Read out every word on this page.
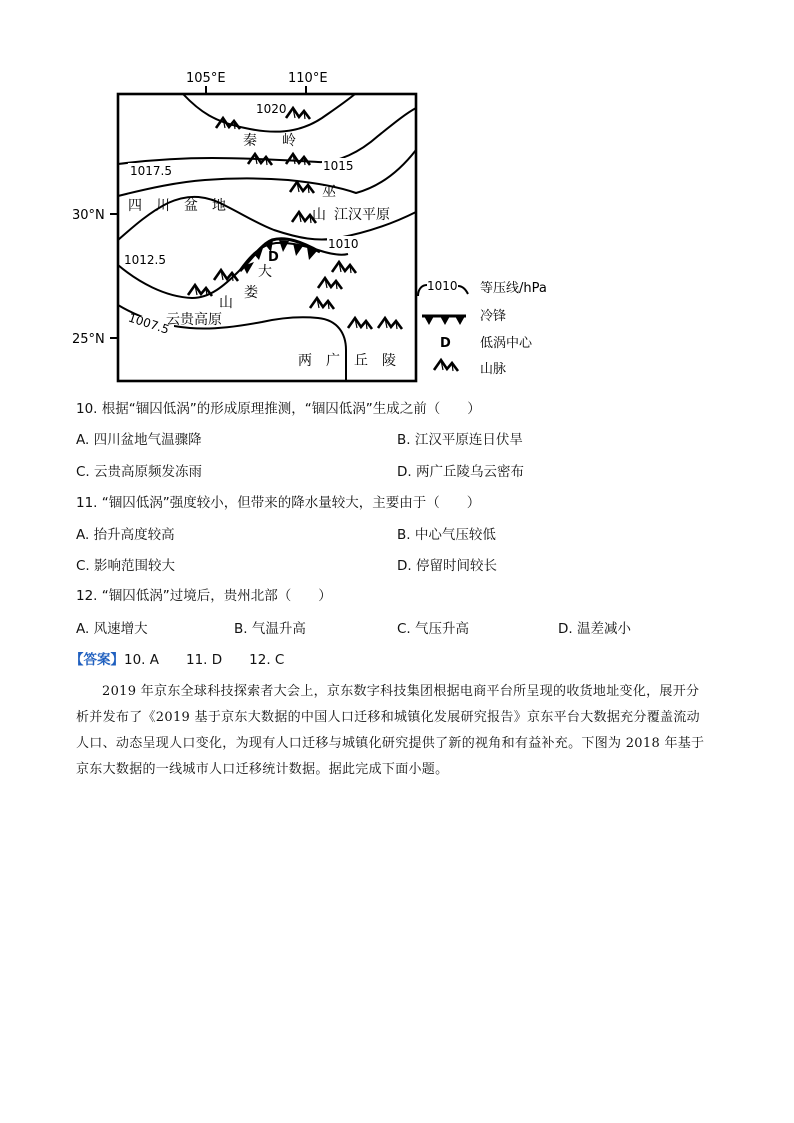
105°E	110°E
30°N
25°N
D
1020
1017.5	1015
1012.5
1010
1007.5
秦 岭
巫
四　川　盆　地
山 江汉平原
大
娄
山
云贵高原
两　广　丘　陵
1010 等压线/hPa
冷锋
D 低涡中心
山脉
10. 根据“锢囚低涡”的形成原理推测，“锢囚低涡”生成之前（　　）
A. 四川盆地气温骤降	B. 江汉平原连日伏旱
C. 云贵高原频发冻雨	D. 两广丘陵乌云密布
11. “锢囚低涡”强度较小，但带来的降水量较大，主要由于（　　）
A. 抬升高度较高	B. 中心气压较低
C. 影响范围较大	D. 停留时间较长
12. “锢囚低涡”过境后，贵州北部（　　）
A. 风速增大	B. 气温升高	C. 气压升高	D. 温差减小
【答案】10. A　　11. D　　12. C
2019 年京东全球科技探索者大会上，京东数字科技集团根据电商平台所呈现的收货地址变化，展开分
析并发布了《2019 基于京东大数据的中国人口迁移和城镇化发展研究报告》京东平台大数据充分覆盖流动
人口、动态呈现人口变化，为现有人口迁移与城镇化研究提供了新的视角和有益补充。下图为 2018 年基于
京东大数据的一线城市人口迁移统计数据。据此完成下面小题。
